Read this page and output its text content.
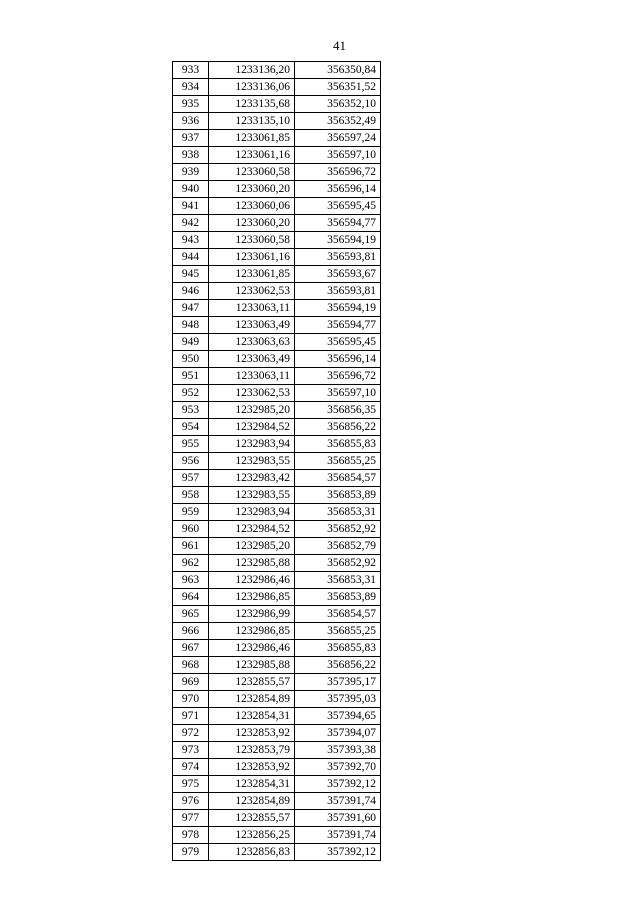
41
933	1233136,20	356350,84
934	1233136,06	356351,52
935	1233135,68	356352,10
936	1233135,10	356352,49
937	1233061,85	356597,24
938	1233061,16	356597,10
939	1233060,58	356596,72
940	1233060,20	356596,14
941	1233060,06	356595,45
942	1233060,20	356594,77
943	1233060,58	356594,19
944	1233061,16	356593,81
945	1233061,85	356593,67
946	1233062,53	356593,81
947	1233063,11	356594,19
948	1233063,49	356594,77
949	1233063,63	356595,45
950	1233063,49	356596,14
951	1233063,11	356596,72
952	1233062,53	356597,10
953	1232985,20	356856,35
954	1232984,52	356856,22
955	1232983,94	356855,83
956	1232983,55	356855,25
957	1232983,42	356854,57
958	1232983,55	356853,89
959	1232983,94	356853,31
960	1232984,52	356852,92
961	1232985,20	356852,79
962	1232985,88	356852,92
963	1232986,46	356853,31
964	1232986,85	356853,89
965	1232986,99	356854,57
966	1232986,85	356855,25
967	1232986,46	356855,83
968	1232985,88	356856,22
969	1232855,57	357395,17
970	1232854,89	357395,03
971	1232854,31	357394,65
972	1232853,92	357394,07
973	1232853,79	357393,38
974	1232853,92	357392,70
975	1232854,31	357392,12
976	1232854,89	357391,74
977	1232855,57	357391,60
978	1232856,25	357391,74
979	1232856,83	357392,12
